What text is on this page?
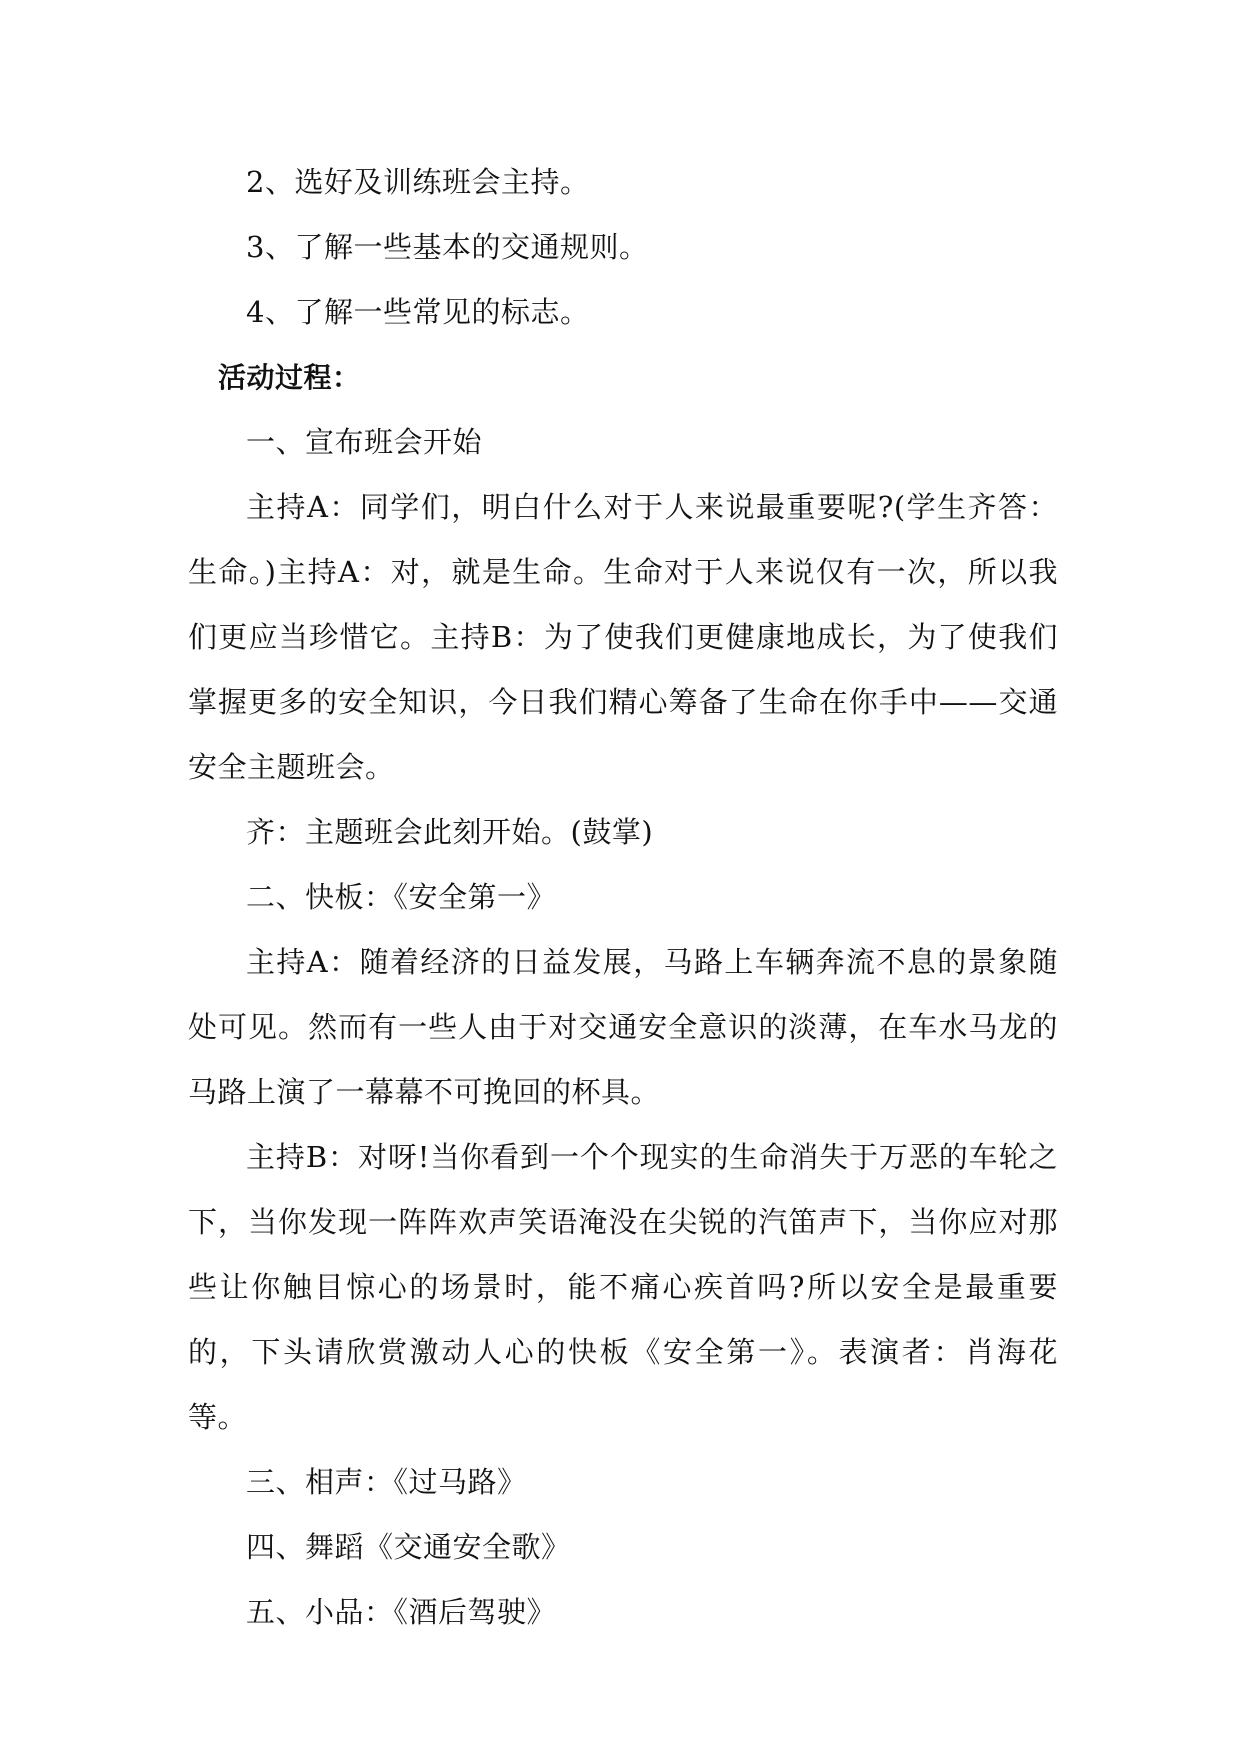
2、选好及训练班会主持。

3、了解一些基本的交通规则。

4、了解一些常见的标志。

活动过程：

一、宣布班会开始

主持A：同学们，明白什么对于人来说最重要呢?(学生齐答：生命。)主持A：对，就是生命。生命对于人来说仅有一次，所以我们更应当珍惜它。主持B：为了使我们更健康地成长，为了使我们掌握更多的安全知识，今日我们精心筹备了生命在你手中——交通安全主题班会。

齐：主题班会此刻开始。(鼓掌)

二、快板：《安全第一》

主持A：随着经济的日益发展，马路上车辆奔流不息的景象随处可见。然而有一些人由于对交通安全意识的淡薄，在车水马龙的马路上演了一幕幕不可挽回的杯具。

主持B：对呀!当你看到一个个现实的生命消失于万恶的车轮之下，当你发现一阵阵欢声笑语淹没在尖锐的汽笛声下，当你应对那些让你触目惊心的场景时，能不痛心疾首吗?所以安全是最重要的，下头请欣赏激动人心的快板《安全第一》。表演者：肖海花等。

三、相声：《过马路》

四、舞蹈《交通安全歌》

五、小品：《酒后驾驶》
